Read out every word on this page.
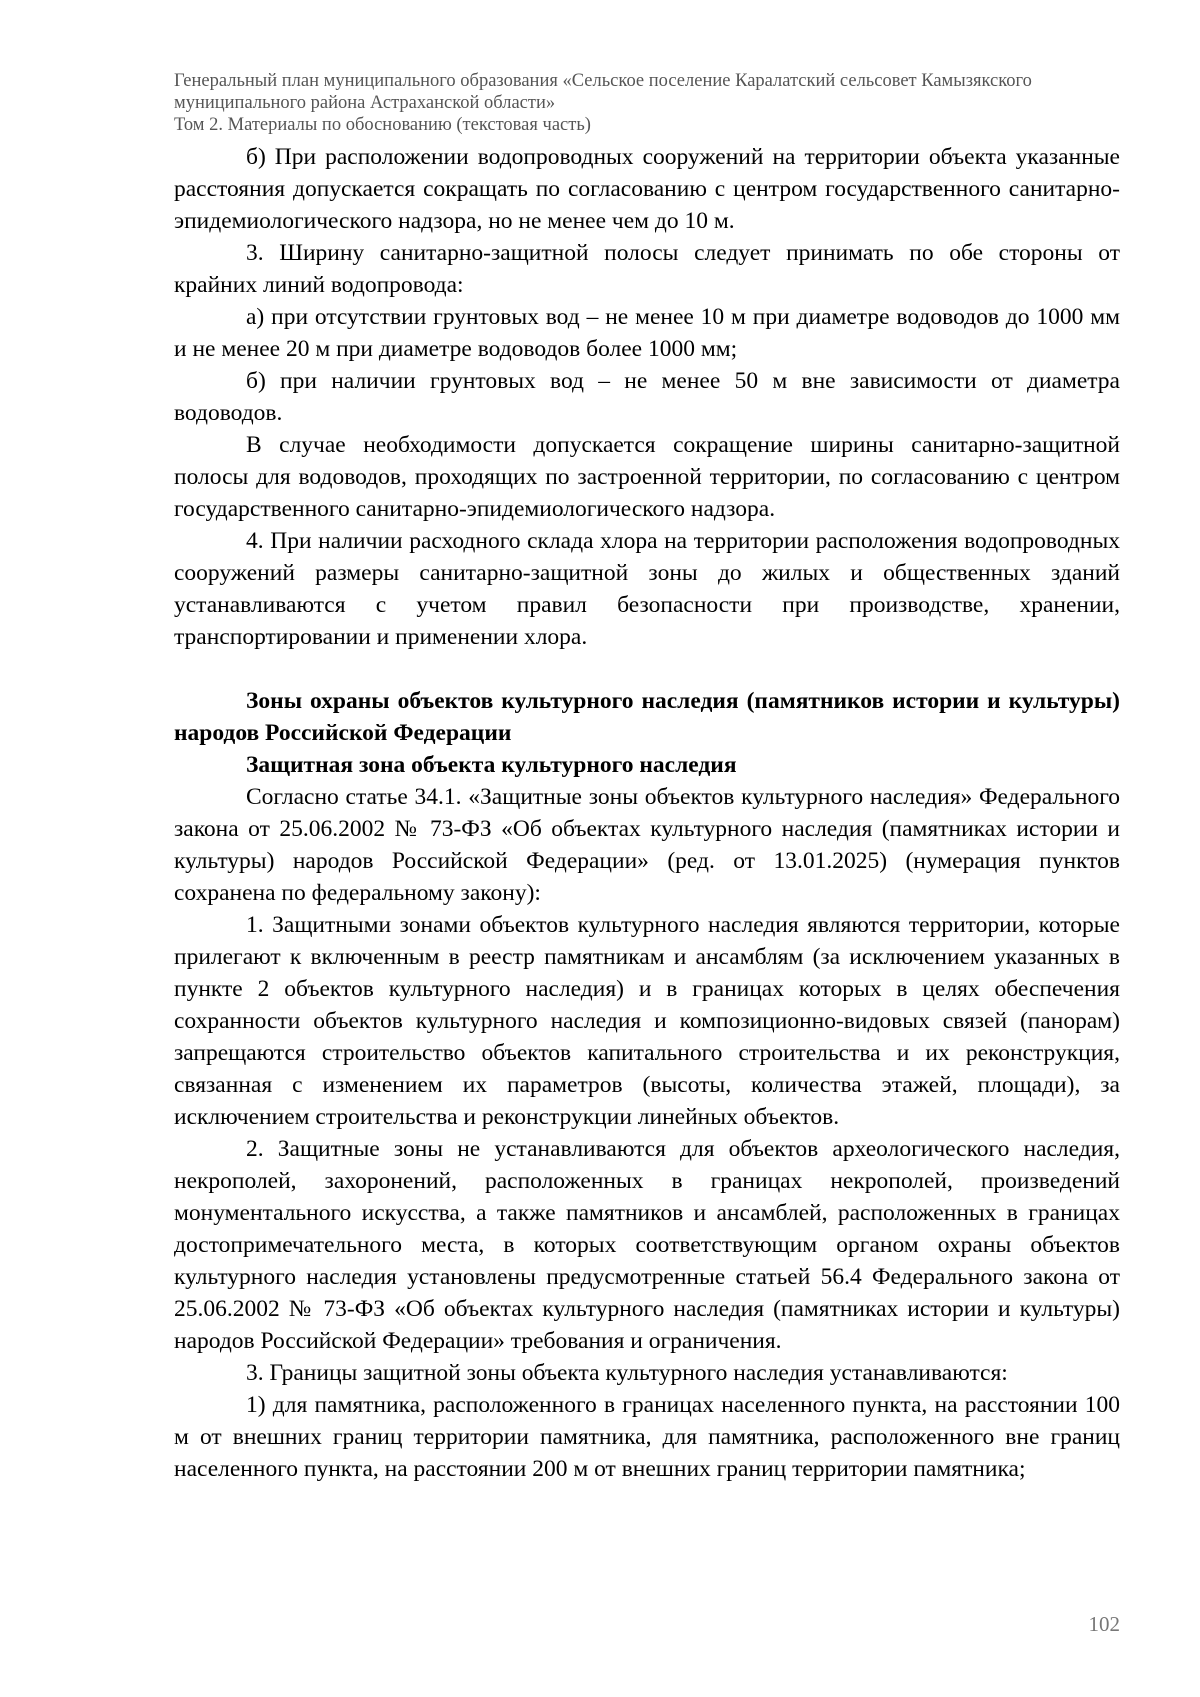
Генеральный план муниципального образования «Сельское поселение Каралатский сельсовет Камызякского
муниципального района Астраханской области»
Том 2. Материалы по обоснованию (текстовая часть)

б) При расположении водопроводных сооружений на территории объекта указанные расстояния допускается сокращать по согласованию с центром государственного санитарно-эпидемиологического надзора, но не менее чем до 10 м.

3. Ширину санитарно-защитной полосы следует принимать по обе стороны от крайних линий водопровода:

а) при отсутствии грунтовых вод – не менее 10 м при диаметре водоводов до 1000 мм и не менее 20 м при диаметре водоводов более 1000 мм;

б) при наличии грунтовых вод – не менее 50 м вне зависимости от диаметра водоводов.

В случае необходимости допускается сокращение ширины санитарно-защитной полосы для водоводов, проходящих по застроенной территории, по согласованию с центром государственного санитарно-эпидемиологического надзора.

4. При наличии расходного склада хлора на территории расположения водопроводных сооружений размеры санитарно-защитной зоны до жилых и общественных зданий устанавливаются с учетом правил безопасности при производстве, хранении, транспортировании и применении хлора.

Зоны охраны объектов культурного наследия (памятников истории и культуры) народов Российской Федерации

Защитная зона объекта культурного наследия

Согласно статье 34.1. «Защитные зоны объектов культурного наследия» Федерального закона от 25.06.2002 № 73-ФЗ «Об объектах культурного наследия (памятниках истории и культуры) народов Российской Федерации» (ред. от 13.01.2025) (нумерация пунктов сохранена по федеральному закону):

1. Защитными зонами объектов культурного наследия являются территории, которые прилегают к включенным в реестр памятникам и ансамблям (за исключением указанных в пункте 2 объектов культурного наследия) и в границах которых в целях обеспечения сохранности объектов культурного наследия и композиционно-видовых связей (панорам) запрещаются строительство объектов капитального строительства и их реконструкция, связанная с изменением их параметров (высоты, количества этажей, площади), за исключением строительства и реконструкции линейных объектов.

2. Защитные зоны не устанавливаются для объектов археологического наследия, некрополей, захоронений, расположенных в границах некрополей, произведений монументального искусства, а также памятников и ансамблей, расположенных в границах достопримечательного места, в которых соответствующим органом охраны объектов культурного наследия установлены предусмотренные статьей 56.4 Федерального закона от 25.06.2002 № 73-ФЗ «Об объектах культурного наследия (памятниках истории и культуры) народов Российской Федерации» требования и ограничения.

3. Границы защитной зоны объекта культурного наследия устанавливаются:

1) для памятника, расположенного в границах населенного пункта, на расстоянии 100 м от внешних границ территории памятника, для памятника, расположенного вне границ населенного пункта, на расстоянии 200 м от внешних границ территории памятника;

102
